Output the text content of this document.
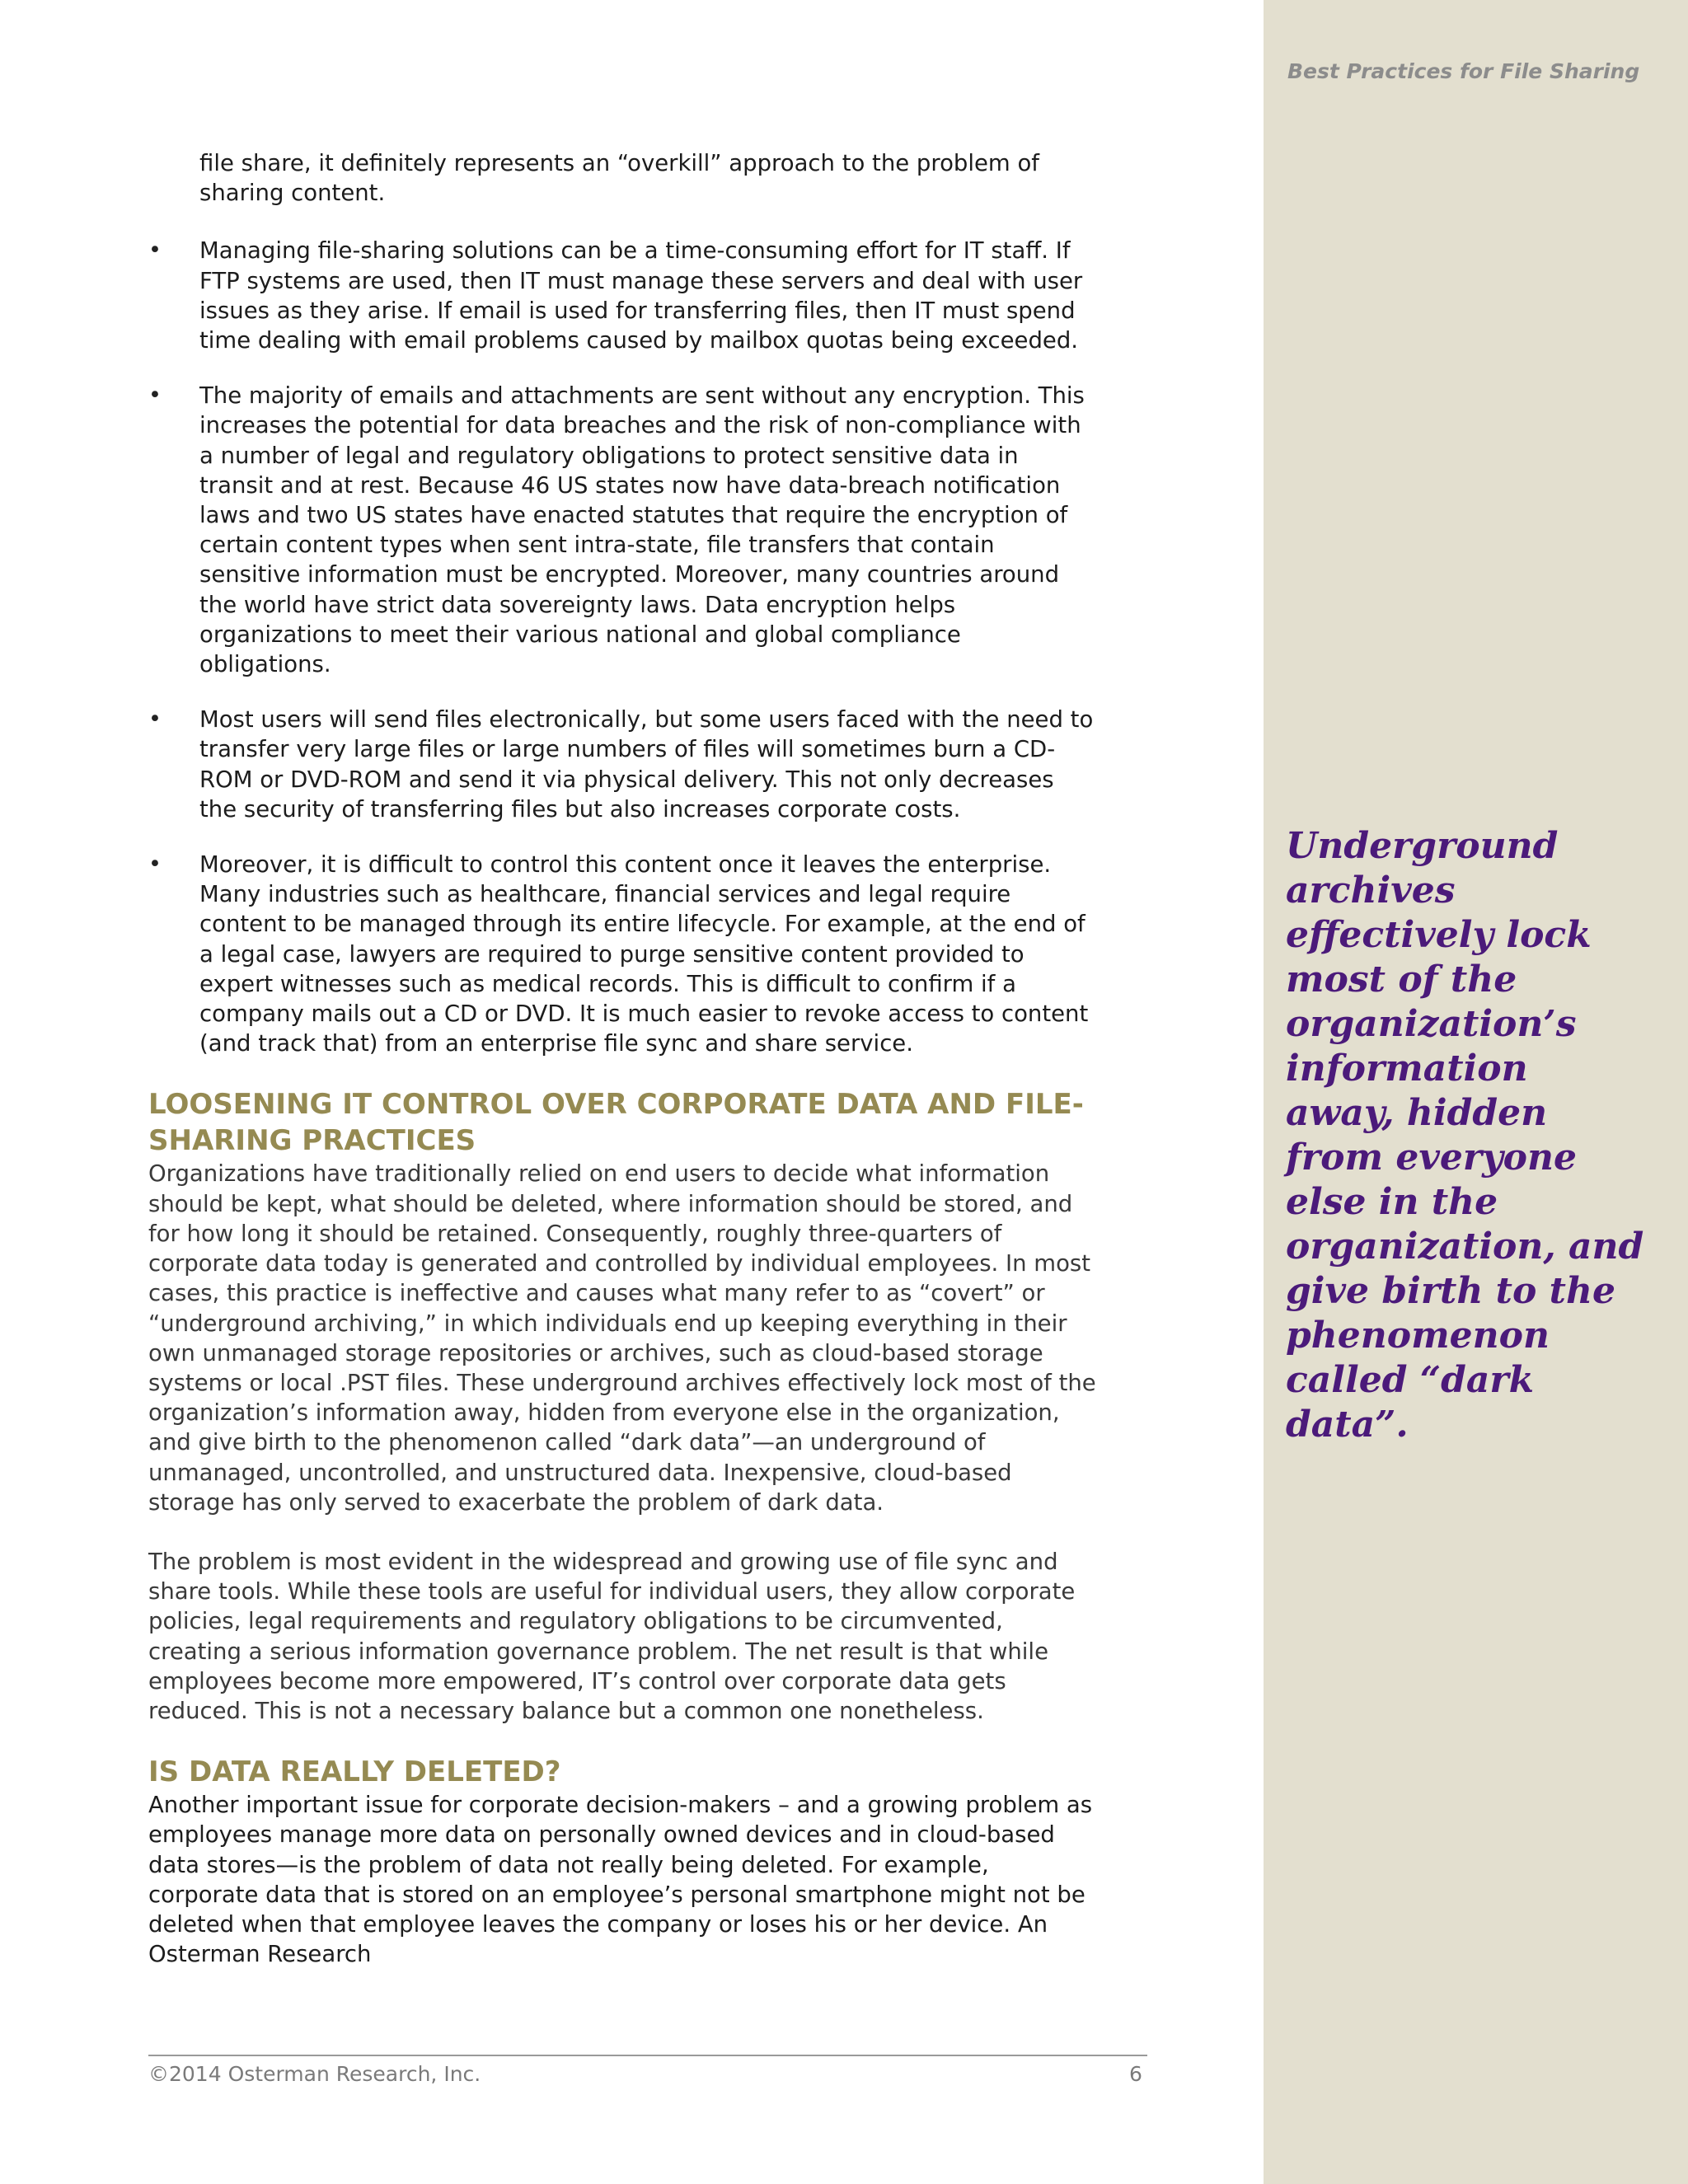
Best Practices for File Sharing
Underground archives effectively lock most of the organization’s information away, hidden from everyone else in the organization, and give birth to the phenomenon called “dark data”.

file share, it definitely represents an “overkill” approach to the problem of sharing content.

• Managing file-sharing solutions can be a time-consuming effort for IT staff. If FTP systems are used, then IT must manage these servers and deal with user issues as they arise. If email is used for transferring files, then IT must spend time dealing with email problems caused by mailbox quotas being exceeded.

• The majority of emails and attachments are sent without any encryption. This increases the potential for data breaches and the risk of non-compliance with a number of legal and regulatory obligations to protect sensitive data in transit and at rest. Because 46 US states now have data-breach notification laws and two US states have enacted statutes that require the encryption of certain content types when sent intra-state, file transfers that contain sensitive information must be encrypted. Moreover, many countries around the world have strict data sovereignty laws. Data encryption helps organizations to meet their various national and global compliance obligations.

• Most users will send files electronically, but some users faced with the need to transfer very large files or large numbers of files will sometimes burn a CD-ROM or DVD-ROM and send it via physical delivery. This not only decreases the security of transferring files but also increases corporate costs.

• Moreover, it is difficult to control this content once it leaves the enterprise. Many industries such as healthcare, financial services and legal require content to be managed through its entire lifecycle. For example, at the end of a legal case, lawyers are required to purge sensitive content provided to expert witnesses such as medical records. This is difficult to confirm if a company mails out a CD or DVD. It is much easier to revoke access to content (and track that) from an enterprise file sync and share service.

LOOSENING IT CONTROL OVER CORPORATE DATA AND FILE-SHARING PRACTICES

Organizations have traditionally relied on end users to decide what information should be kept, what should be deleted, where information should be stored, and for how long it should be retained. Consequently, roughly three-quarters of corporate data today is generated and controlled by individual employees. In most cases, this practice is ineffective and causes what many refer to as “covert” or “underground archiving,” in which individuals end up keeping everything in their own unmanaged storage repositories or archives, such as cloud-based storage systems or local .PST files. These underground archives effectively lock most of the organization’s information away, hidden from everyone else in the organization, and give birth to the phenomenon called “dark data”—an underground of unmanaged, uncontrolled, and unstructured data. Inexpensive, cloud-based storage has only served to exacerbate the problem of dark data.

The problem is most evident in the widespread and growing use of file sync and share tools. While these tools are useful for individual users, they allow corporate policies, legal requirements and regulatory obligations to be circumvented, creating a serious information governance problem. The net result is that while employees become more empowered, IT’s control over corporate data gets reduced. This is not a necessary balance but a common one nonetheless.

IS DATA REALLY DELETED?

Another important issue for corporate decision-makers – and a growing problem as employees manage more data on personally owned devices and in cloud-based data stores—is the problem of data not really being deleted. For example, corporate data that is stored on an employee’s personal smartphone might not be deleted when that employee leaves the company or loses his or her device. An Osterman Research

©2014 Osterman Research, Inc.	6
